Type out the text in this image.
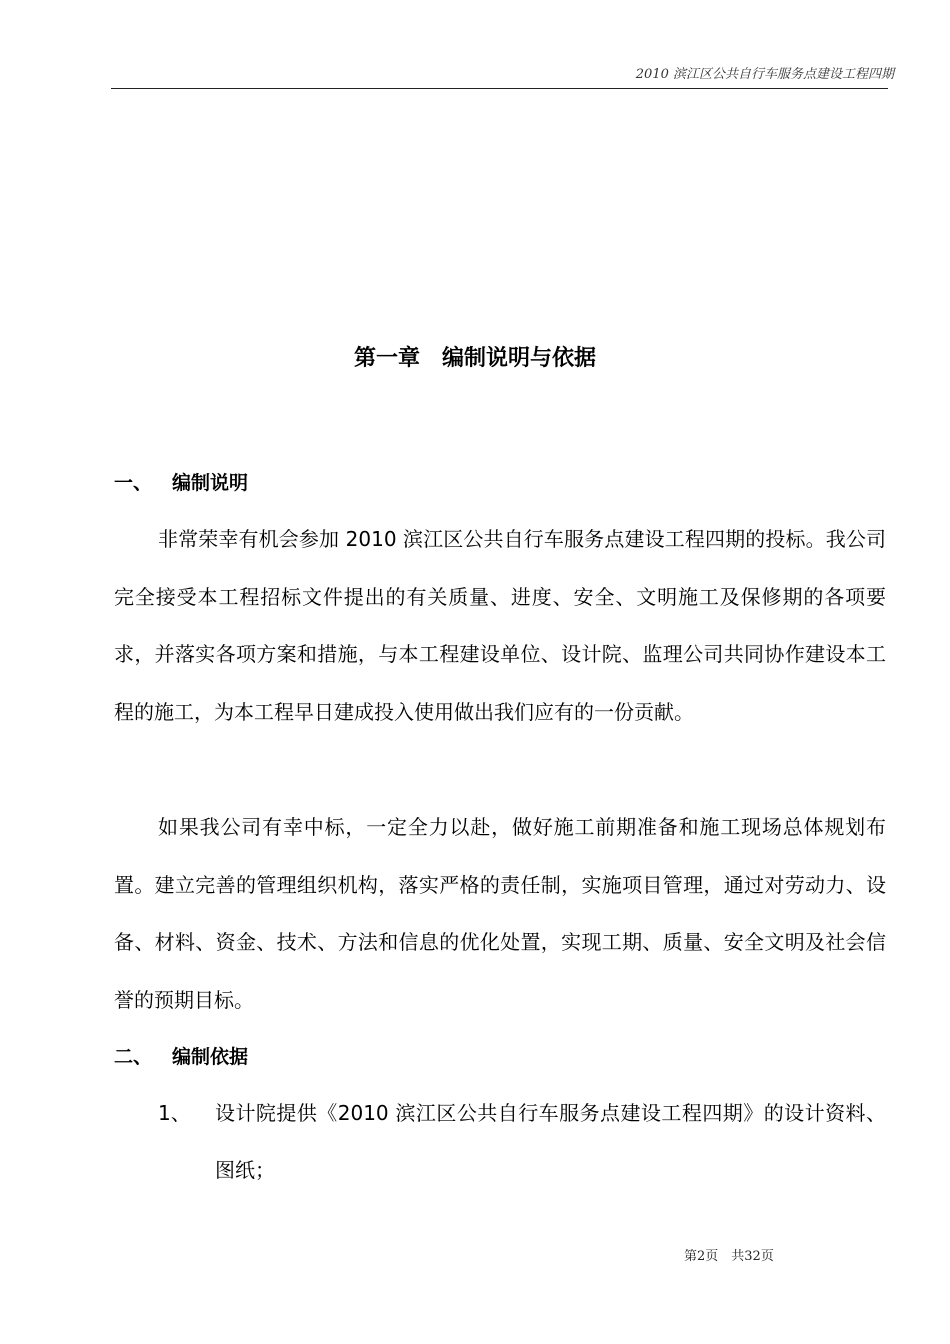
2010 滨江区公共自行车服务点建设工程四期
第一章　编制说明与依据
一、 编制说明

非常荣幸有机会参加 2010 滨江区公共自行车服务点建设工程四期的投标。我公司完全接受本工程招标文件提出的有关质量、进度、安全、文明施工及保修期的各项要求，并落实各项方案和措施，与本工程建设单位、设计院、监理公司共同协作建设本工程的施工，为本工程早日建成投入使用做出我们应有的一份贡献。

如果我公司有幸中标，一定全力以赴，做好施工前期准备和施工现场总体规划布置。建立完善的管理组织机构，落实严格的责任制，实施项目管理，通过对劳动力、设备、材料、资金、技术、方法和信息的优化处置，实现工期、质量、安全文明及社会信誉的预期目标。

二、 编制依据
1、 设计院提供《2010 滨江区公共自行车服务点建设工程四期》的设计资料、图纸；
第2页　共32页
